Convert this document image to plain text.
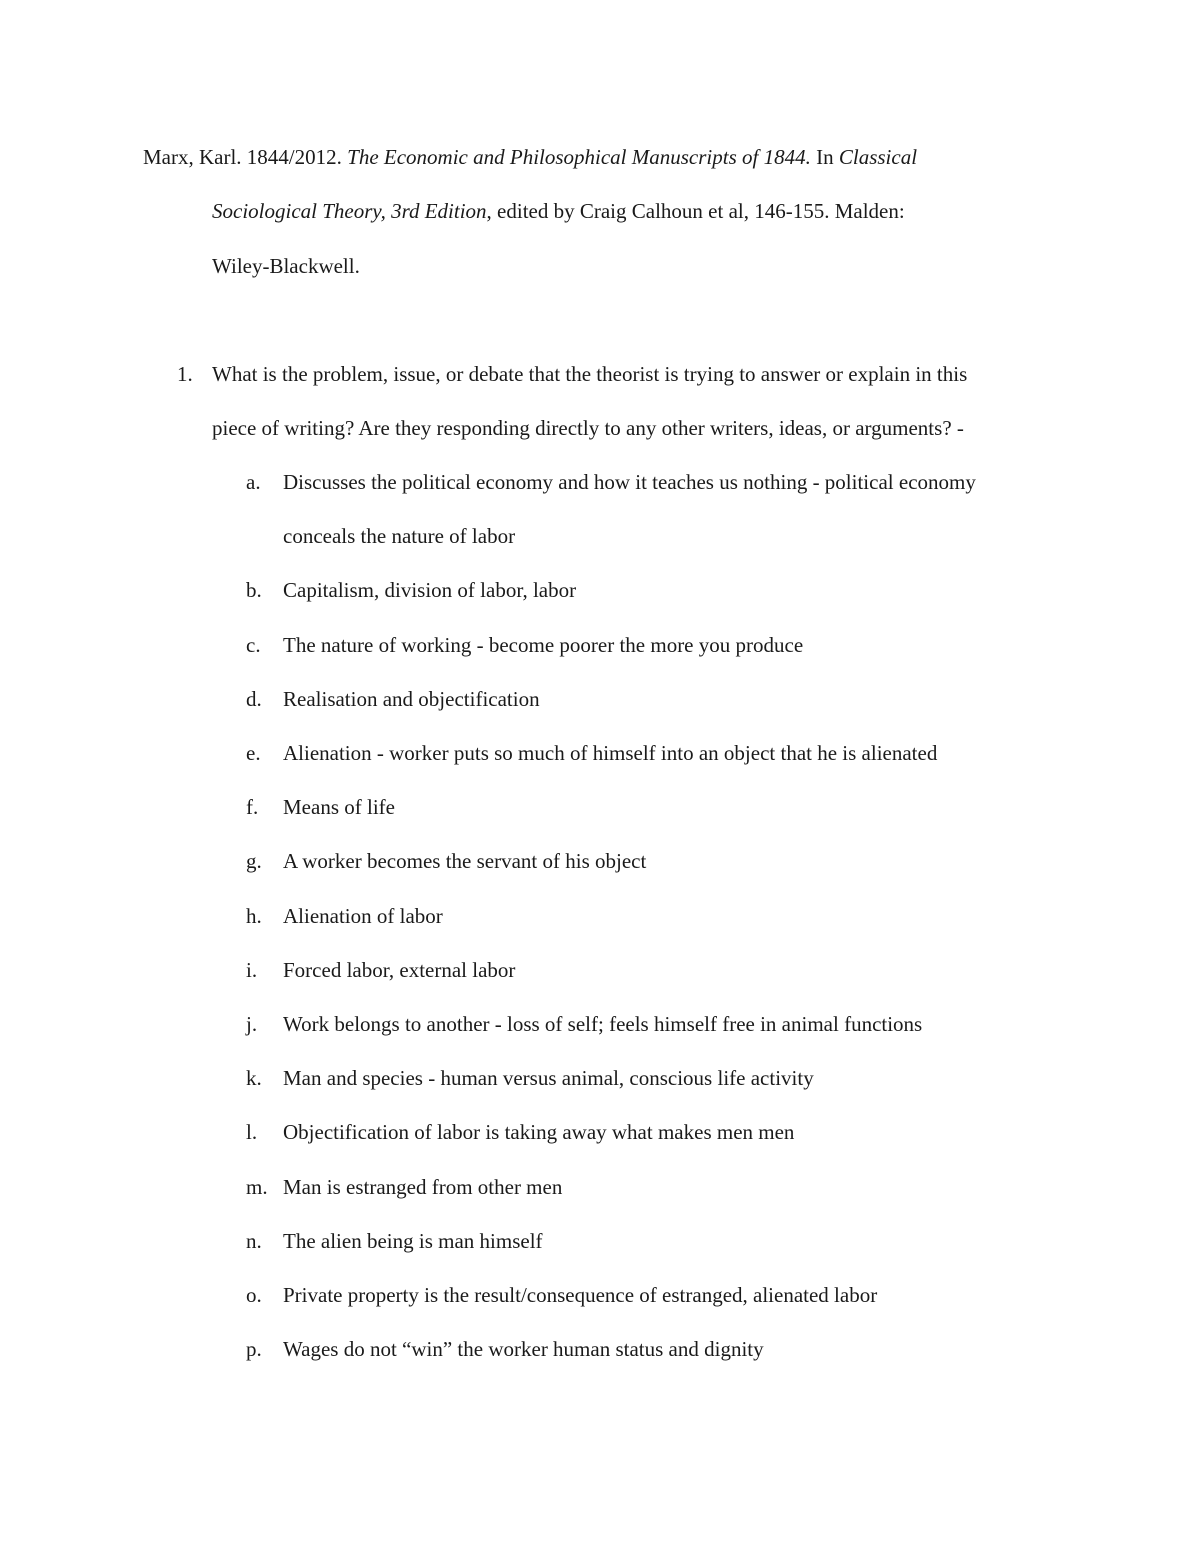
Marx, Karl. 1844/2012. The Economic and Philosophical Manuscripts of 1844. In Classical
Sociological Theory, 3rd Edition, edited by Craig Calhoun et al, 146-155. Malden:
Wiley-Blackwell.
1. What is the problem, issue, or debate that the theorist is trying to answer or explain in this
piece of writing? Are they responding directly to any other writers, ideas, or arguments? -
a. Discusses the political economy and how it teaches us nothing - political economy
conceals the nature of labor
b. Capitalism, division of labor, labor
c. The nature of working - become poorer the more you produce
d. Realisation and objectification
e. Alienation - worker puts so much of himself into an object that he is alienated
f. Means of life
g. A worker becomes the servant of his object
h. Alienation of labor
i. Forced labor, external labor
j. Work belongs to another - loss of self; feels himself free in animal functions
k. Man and species - human versus animal, conscious life activity
l. Objectification of labor is taking away what makes men men
m. Man is estranged from other men
n. The alien being is man himself
o. Private property is the result/consequence of estranged, alienated labor
p. Wages do not “win” the worker human status and dignity
